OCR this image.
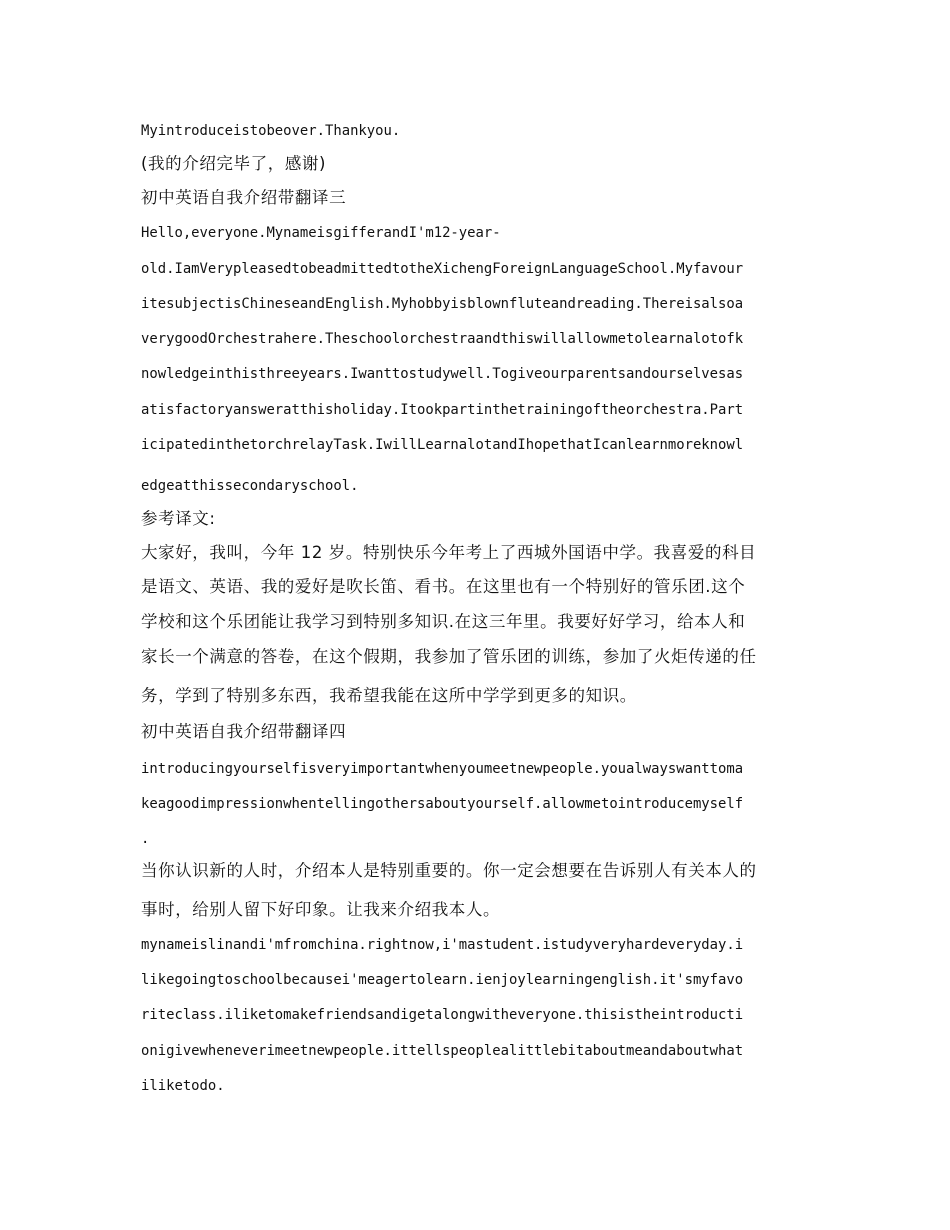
Myintroduceistobeover.Thankyou.
(我的介绍完毕了，感谢)
初中英语自我介绍带翻译三
Hello,everyone.MynameisgifferandI'm12-year-
old.IamVerypleasedtobeadmittedtotheXichengForeignLanguageSchool.Myfavour
itesubjectisChineseandEnglish.Myhobbyisblownfluteandreading.Thereisalsoa
verygoodOrchestrahere.Theschoolorchestraandthiswillallowmetolearnalotofk
nowledgeinthisthreeyears.Iwanttostudywell.Togiveourparentsandourselvesas
atisfactoryansweratthisholiday.Itookpartinthetrainingoftheorchestra.Part
icipatedinthetorchrelayTask.IwillLearnalotandIhopethatIcanlearnmoreknowl
edgeatthissecondaryschool.
参考译文:
大家好，我叫，今年 12 岁。特别快乐今年考上了西城外国语中学。我喜爱的科目
是语文、英语、我的爱好是吹长笛、看书。在这里也有一个特别好的管乐团.这个
学校和这个乐团能让我学习到特别多知识.在这三年里。我要好好学习，给本人和
家长一个满意的答卷，在这个假期，我参加了管乐团的训练，参加了火炬传递的任
务，学到了特别多东西，我希望我能在这所中学学到更多的知识。
初中英语自我介绍带翻译四
introducingyourselfisveryimportantwhenyoumeetnewpeople.youalwayswanttoma
keagoodimpressionwhentellingothersaboutyourself.allowmetointroducemyself
.
当你认识新的人时，介绍本人是特别重要的。你一定会想要在告诉别人有关本人的
事时，给别人留下好印象。让我来介绍我本人。
mynameislinandi'mfromchina.rightnow,i'mastudent.istudyveryhardeveryday.i
likegoingtoschoolbecausei'meagertolearn.ienjoylearningenglish.it'smyfavo
riteclass.iliketomakefriendsandigetalongwitheveryone.thisistheintroducti
onigivewheneverimeetnewpeople.ittellspeoplealittlebitaboutmeandaboutwhat
iliketodo.
